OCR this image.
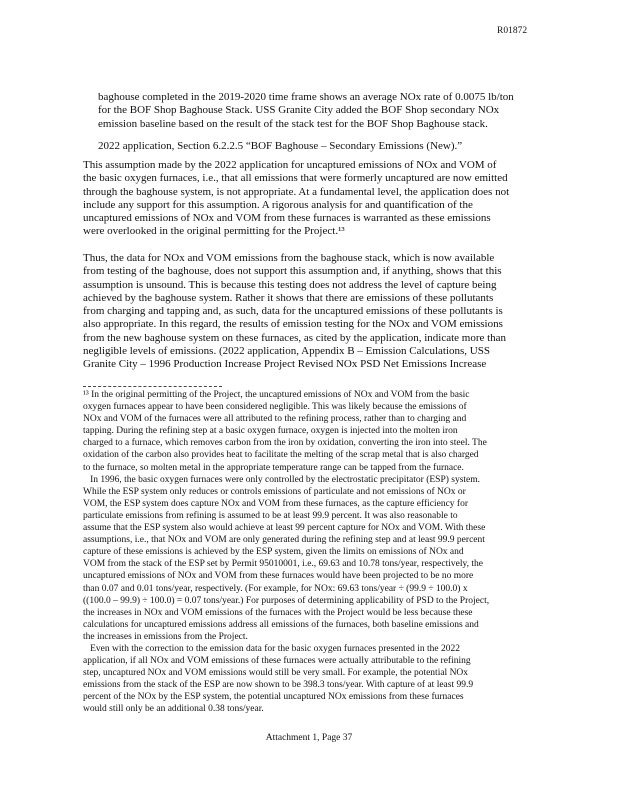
R01872
baghouse completed in the 2019-2020 time frame shows an average NOx rate of 0.0075 lb/ton
for the BOF Shop Baghouse Stack. USS Granite City added the BOF Shop secondary NOx
emission baseline based on the result of the stack test for the BOF Shop Baghouse stack.
2022 application, Section 6.2.2.5 “BOF Baghouse – Secondary Emissions (New).”
This assumption made by the 2022 application for uncaptured emissions of NOx and VOM of
the basic oxygen furnaces, i.e., that all emissions that were formerly uncaptured are now emitted
through the baghouse system, is not appropriate. At a fundamental level, the application does not
include any support for this assumption. A rigorous analysis for and quantification of the
uncaptured emissions of NOx and VOM from these furnaces is warranted as these emissions
were overlooked in the original permitting for the Project.¹³
Thus, the data for NOx and VOM emissions from the baghouse stack, which is now available
from testing of the baghouse, does not support this assumption and, if anything, shows that this
assumption is unsound. This is because this testing does not address the level of capture being
achieved by the baghouse system. Rather it shows that there are emissions of these pollutants
from charging and tapping and, as such, data for the uncaptured emissions of these pollutants is
also appropriate. In this regard, the results of emission testing for the NOx and VOM emissions
from the new baghouse system on these furnaces, as cited by the application, indicate more than
negligible levels of emissions. (2022 application, Appendix B – Emission Calculations, USS
Granite City – 1996 Production Increase Project Revised NOx PSD Net Emissions Increase
¹³ In the original permitting of the Project, the uncaptured emissions of NOx and VOM from the basic
oxygen furnaces appear to have been considered negligible. This was likely because the emissions of
NOx and VOM of the furnaces were all attributed to the refining process, rather than to charging and
tapping. During the refining step at a basic oxygen furnace, oxygen is injected into the molten iron
charged to a furnace, which removes carbon from the iron by oxidation, converting the iron into steel. The
oxidation of the carbon also provides heat to facilitate the melting of the scrap metal that is also charged
to the furnace, so molten metal in the appropriate temperature range can be tapped from the furnace.
In 1996, the basic oxygen furnaces were only controlled by the electrostatic precipitator (ESP) system.
While the ESP system only reduces or controls emissions of particulate and not emissions of NOx or
VOM, the ESP system does capture NOx and VOM from these furnaces, as the capture efficiency for
particulate emissions from refining is assumed to be at least 99.9 percent. It was also reasonable to
assume that the ESP system also would achieve at least 99 percent capture for NOx and VOM. With these
assumptions, i.e., that NOx and VOM are only generated during the refining step and at least 99.9 percent
capture of these emissions is achieved by the ESP system, given the limits on emissions of NOx and
VOM from the stack of the ESP set by Permit 95010001, i.e., 69.63 and 10.78 tons/year, respectively, the
uncaptured emissions of NOx and VOM from these furnaces would have been projected to be no more
than 0.07 and 0.01 tons/year, respectively. (For example, for NOx: 69.63 tons/year ÷ (99.9 ÷ 100.0) x
((100.0 – 99.9) ÷ 100.0) = 0.07 tons/year.) For purposes of determining applicability of PSD to the Project,
the increases in NOx and VOM emissions of the furnaces with the Project would be less because these
calculations for uncaptured emissions address all emissions of the furnaces, both baseline emissions and
the increases in emissions from the Project.
Even with the correction to the emission data for the basic oxygen furnaces presented in the 2022
application, if all NOx and VOM emissions of these furnaces were actually attributable to the refining
step, uncaptured NOx and VOM emissions would still be very small. For example, the potential NOx
emissions from the stack of the ESP are now shown to be 398.3 tons/year. With capture of at least 99.9
percent of the NOx by the ESP system, the potential uncaptured NOx emissions from these furnaces
would still only be an additional 0.38 tons/year.
Attachment 1, Page 37
